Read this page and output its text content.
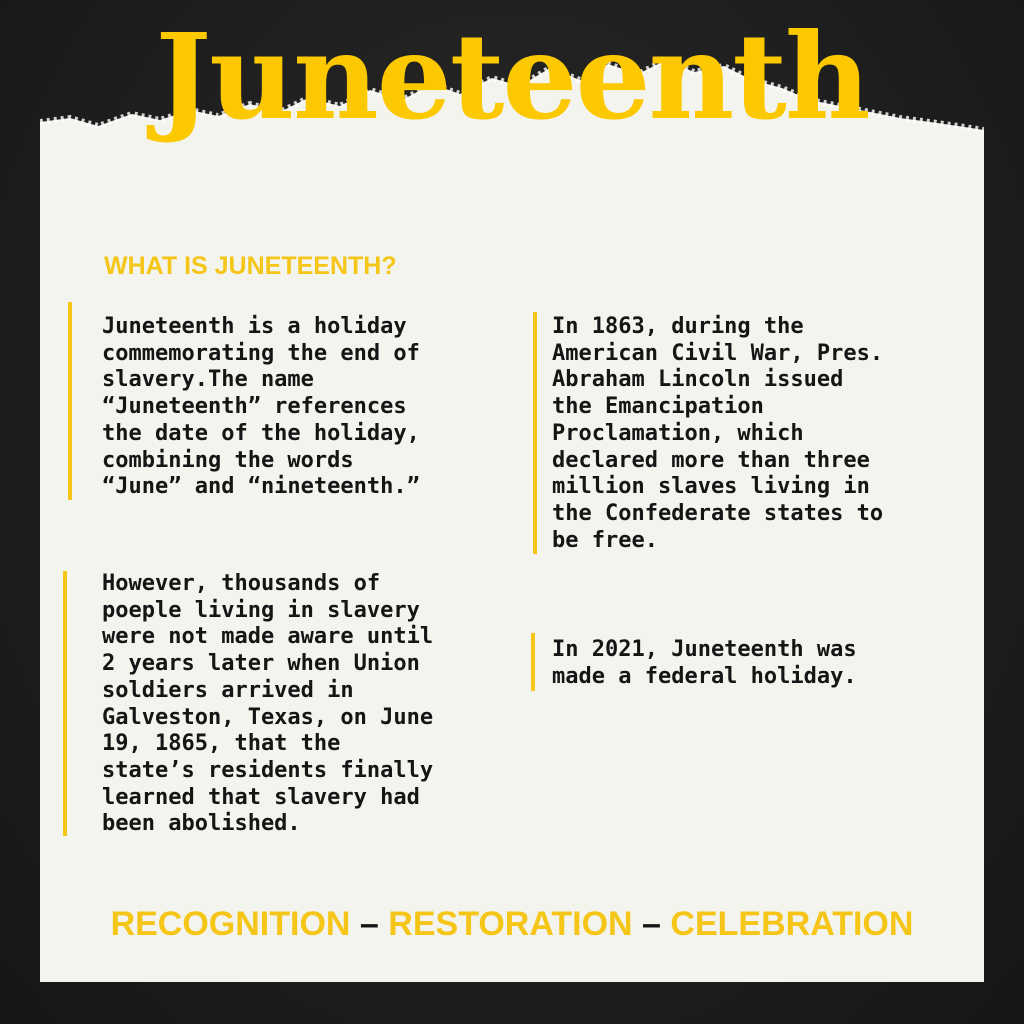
Juneteenth
WHAT IS JUNETEENTH?

Juneteenth is a holiday
commemorating the end of
slavery.The name
“Juneteenth” references
the date of the holiday,
combining the words
“June” and “nineteenth.”

In 1863, during the
American Civil War, Pres.
Abraham Lincoln issued
the Emancipation
Proclamation, which
declared more than three
million slaves living in
the Confederate states to
be free.

However, thousands of
poeple living in slavery
were not made aware until
2 years later when Union
soldiers arrived in
Galveston, Texas, on June
19, 1865, that the
state’s residents finally
learned that slavery had
been abolished.

In 2021, Juneteenth was
made a federal holiday.

RECOGNITION – RESTORATION – CELEBRATION
